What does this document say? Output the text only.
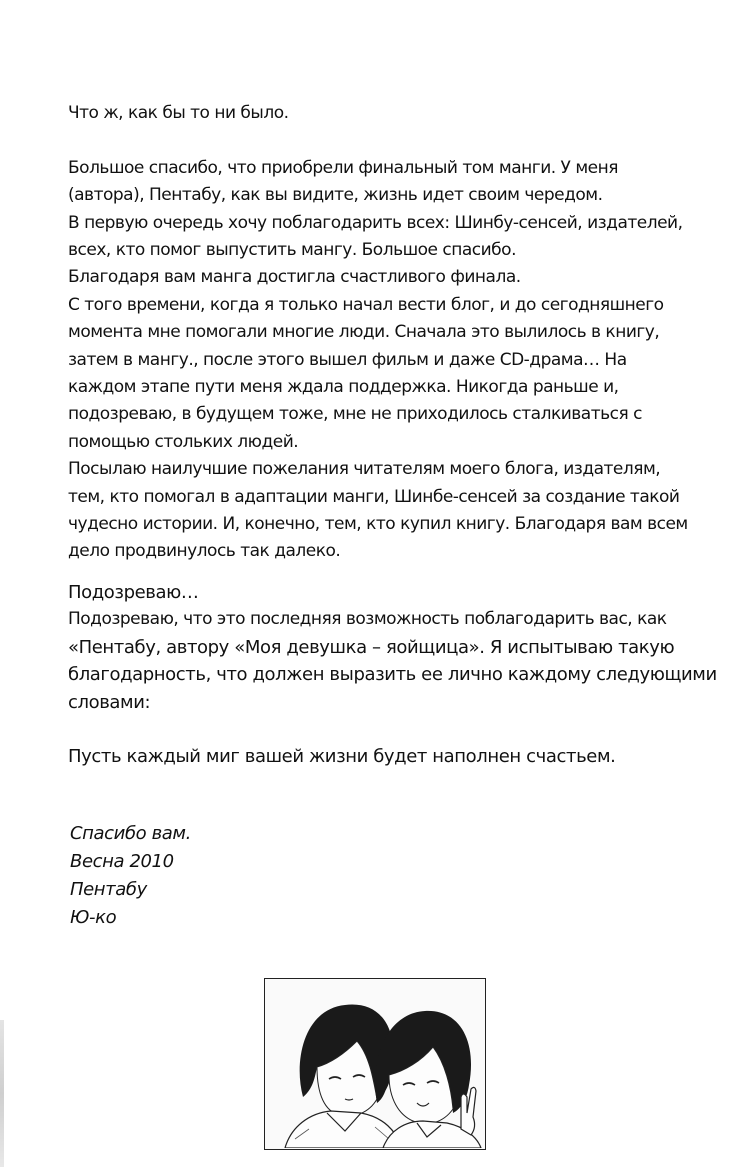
Что ж, как бы то ни было.
Большое спасибо, что приобрели финальный том манги. У меня
(автора), Пентабу, как вы видите, жизнь идет своим чередом.
В первую очередь хочу поблагодарить всех: Шинбу-сенсей, издателей,
всех, кто помог выпустить мангу. Большое спасибо.
Благодаря вам манга достигла счастливого финала.
С того времени, когда я только начал вести блог, и до сегодняшнего
момента мне помогали многие люди. Сначала это вылилось в книгу,
затем в мангу., после этого вышел фильм и даже CD-драма… На
каждом этапе пути меня ждала поддержка. Никогда раньше и,
подозреваю, в будущем тоже, мне не приходилось сталкиваться с
помощью стольких людей.
Посылаю наилучшие пожелания читателям моего блога, издателям,
тем, кто помогал в адаптации манги, Шинбе-сенсей за создание такой
чудесно истории. И, конечно, тем, кто купил книгу. Благодаря вам всем
дело продвинулось так далеко.
Подозреваю…
Подозреваю, что это последняя возможность поблагодарить вас, как
«Пентабу, автору «Моя девушка – яойщица». Я испытываю такую
благодарность, что должен выразить ее лично каждому следующими
словами:
Пусть каждый миг вашей жизни будет наполнен счастьем.
Спасибо вам.
Весна 2010
Пентабу
Ю-ко
